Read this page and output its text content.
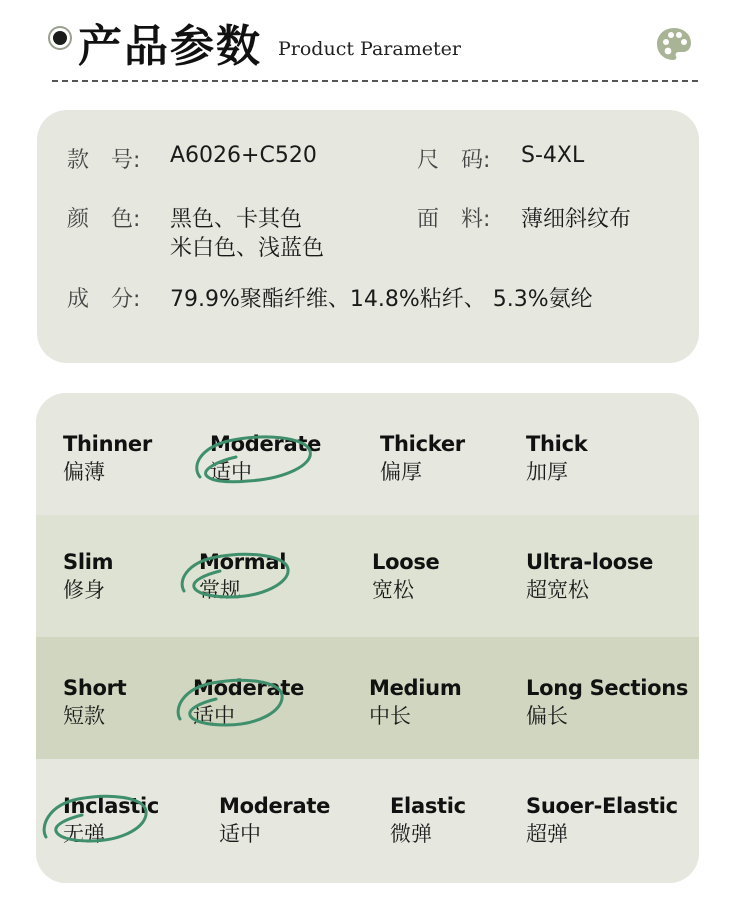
产品参数 Product Parameter
款　号: A6026+C520	尺　码: S-4XL
颜　色: 黑色、卡其色
米白色、浅蓝色
面　料: 薄细斜纹布
成　分: 79.9%聚酯纤维、14.8%粘纤、 5.3%氨纶
Thinner
偏薄
Moderate
适中
Thicker
偏厚
Thick
加厚
Slim
修身
Mormal
常规
Loose
宽松
Ultra-loose
超宽松
Short
短款
Moderate
适中
Medium
中长
Long Sections
偏长
Inclastic
无弹
Moderate
适中
Elastic
微弹
Suoer-Elastic
超弹
